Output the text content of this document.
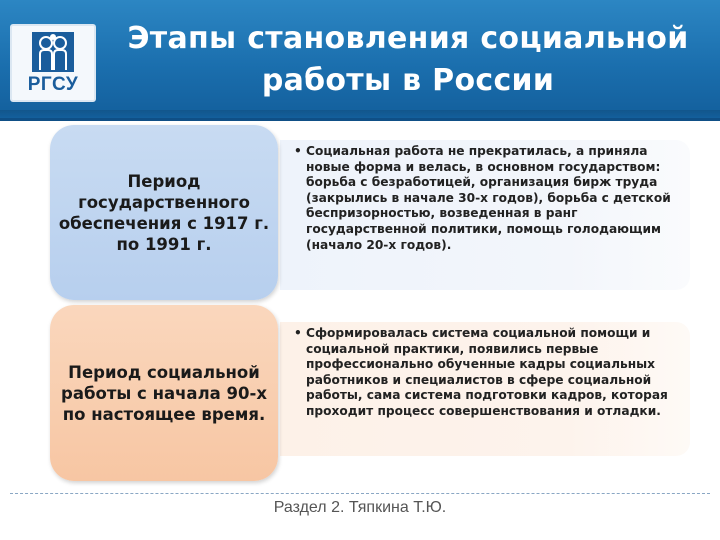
РГСУ
Этапы становления социальной
работы в России
• Социальная работа не прекратилась, а приняла новые форма и велась, в основном государством: борьба с безработицей, организация бирж труда (закрылись в начале 30-х годов), борьба с детской беспризорностью, возведенная в ранг государственной политики, помощь голодающим (начало 20-х годов).
Период государственного обеспечения с 1917 г. по 1991 г.
• Сформировалась система социальной помощи и социальной практики, появились первые профессионально обученные кадры социальных работников и специалистов в сфере социальной работы, сама система подготовки кадров, которая проходит процесс совершенствования и отладки.
Период социальной работы с начала 90-х по настоящее время.
Раздел 2. Тяпкина Т.Ю.
